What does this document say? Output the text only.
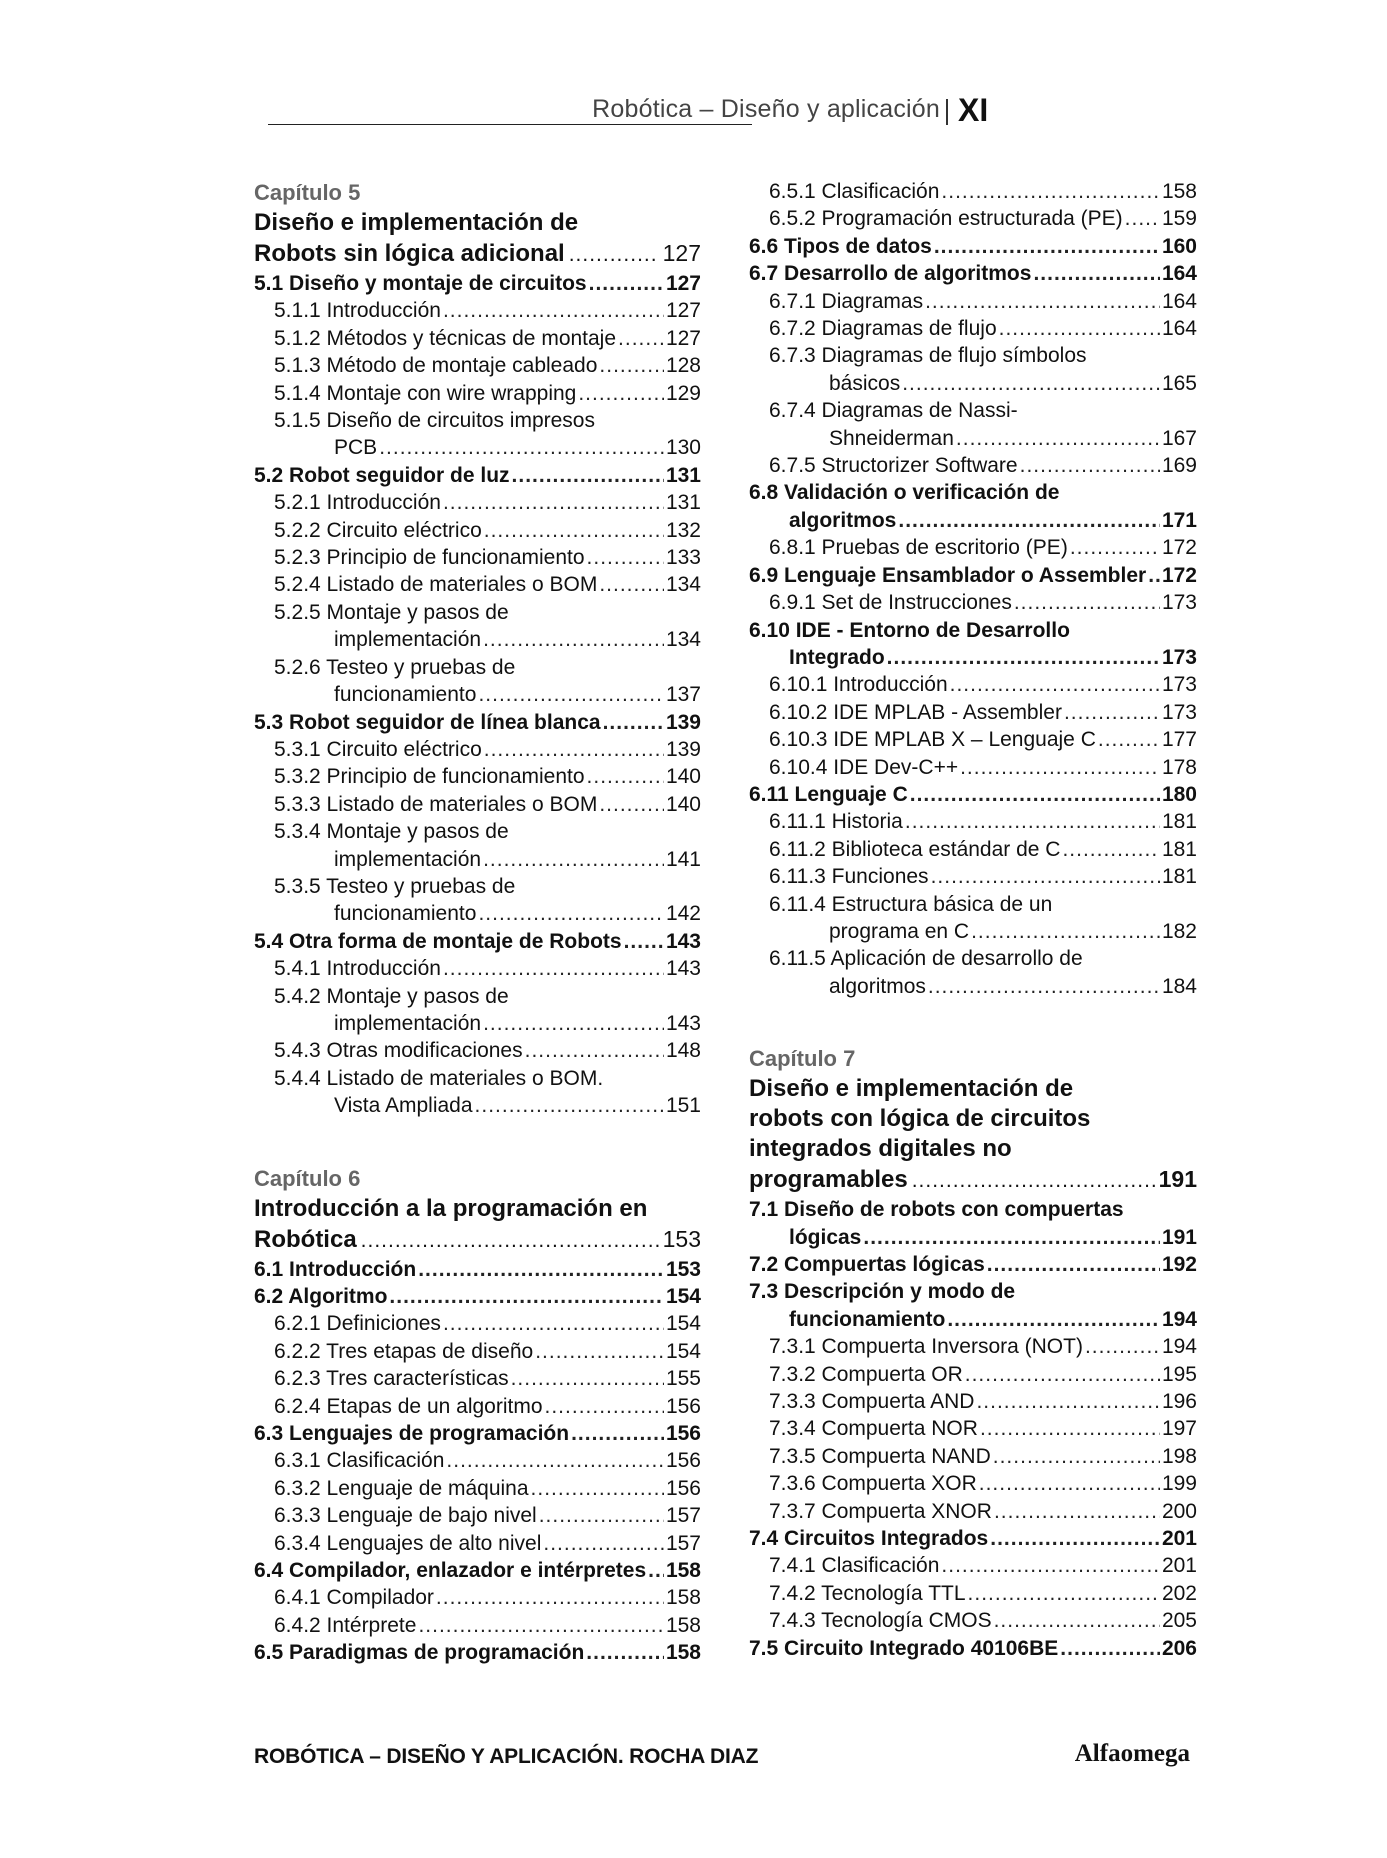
Robótica – Diseño y aplicación XI
Capítulo 5
Diseño e implementación de
Robots sin lógica adicional .....	127
5.1 Diseño y montaje de circuitos .....	127
5.1.1 Introducción .....	127
5.1.2 Métodos y técnicas de montaje ..... 127
5.1.3 Método de montaje cableado .....	128
5.1.4 Montaje con wire wrapping .....	129
5.1.5 Diseño de circuitos impresos
PCB .....	130
5.2 Robot seguidor de luz .....	131
5.2.1 Introducción .....	131
5.2.2 Circuito eléctrico .....	132
5.2.3 Principio de funcionamiento .....	133
5.2.4 Listado de materiales o BOM .....	134
5.2.5 Montaje y pasos de
implementación .....	134
5.2.6 Testeo y pruebas de
funcionamiento .....	137
5.3 Robot seguidor de línea blanca .....	139
5.3.1 Circuito eléctrico .....	139
5.3.2 Principio de funcionamiento .....	140
5.3.3 Listado de materiales o BOM .....	140
5.3.4 Montaje y pasos de
implementación .....	141
5.3.5 Testeo y pruebas de
funcionamiento .....	142
5.4 Otra forma de montaje de Robots ..... 143
5.4.1 Introducción .....	143
5.4.2 Montaje y pasos de
implementación .....	143
5.4.3 Otras modificaciones .....	148
5.4.4 Listado de materiales o BOM.
Vista Ampliada .....	151
Capítulo 6
Introducción a la programación en
Robótica .....	153
6.1 Introducción .....	153
6.2 Algoritmo .....	154
6.2.1 Definiciones .....	154
6.2.2 Tres etapas de diseño .....	154
6.2.3 Tres características .....	155
6.2.4 Etapas de un algoritmo .....	156
6.3 Lenguajes de programación .....	156
6.3.1 Clasificación .....	156
6.3.2 Lenguaje de máquina .....	156
6.3.3 Lenguaje de bajo nivel .....	157
6.3.4 Lenguajes de alto nivel .....	157
6.4 Compilador, enlazador e intérpretes ..... 158
6.4.1 Compilador .....	158
6.4.2 Intérprete .....	158
6.5 Paradigmas de programación .....	158
6.5.1 Clasificación .....	158
6.5.2 Programación estructurada (PE) ..... 159
6.6 Tipos de datos .....	160
6.7 Desarrollo de algoritmos .....	164
6.7.1 Diagramas .....	164
6.7.2 Diagramas de flujo .....	164
6.7.3 Diagramas de flujo símbolos
básicos .....	165
6.7.4 Diagramas de Nassi-
Shneiderman .....	167
6.7.5 Structorizer Software .....	169
6.8 Validación o verificación de
algoritmos .....	171
6.8.1 Pruebas de escritorio (PE) .....	172
6.9 Lenguaje Ensamblador o Assembler ..... 172
6.9.1 Set de Instrucciones .....	173
6.10 IDE - Entorno de Desarrollo
Integrado .....	173
6.10.1 Introducción .....	173
6.10.2 IDE MPLAB - Assembler .....	173
6.10.3 IDE MPLAB X – Lenguaje C .....	177
6.10.4 IDE Dev-C++ .....	178
6.11 Lenguaje C .....	180
6.11.1 Historia .....	181
6.11.2 Biblioteca estándar de C .....	181
6.11.3 Funciones .....	181
6.11.4 Estructura básica de un
programa en C .....	182
6.11.5 Aplicación de desarrollo de
algoritmos .....	184
Capítulo 7
Diseño e implementación de
robots con lógica de circuitos
integrados digitales no
programables .....	191
7.1 Diseño de robots con compuertas
lógicas .....	191
7.2 Compuertas lógicas .....	192
7.3 Descripción y modo de
funcionamiento .....	194
7.3.1 Compuerta Inversora (NOT) .....	194
7.3.2 Compuerta OR .....	195
7.3.3 Compuerta AND .....	196
7.3.4 Compuerta NOR .....	197
7.3.5 Compuerta NAND .....	198
7.3.6 Compuerta XOR .....	199
7.3.7 Compuerta XNOR .....	200
7.4 Circuitos Integrados .....	201
7.4.1 Clasificación .....	201
7.4.2 Tecnología TTL .....	202
7.4.3 Tecnología CMOS .....	205
7.5 Circuito Integrado 40106BE .....	206
ROBÓTICA – DISEÑO Y APLICACIÓN. ROCHA DIAZ	Alfaomega
